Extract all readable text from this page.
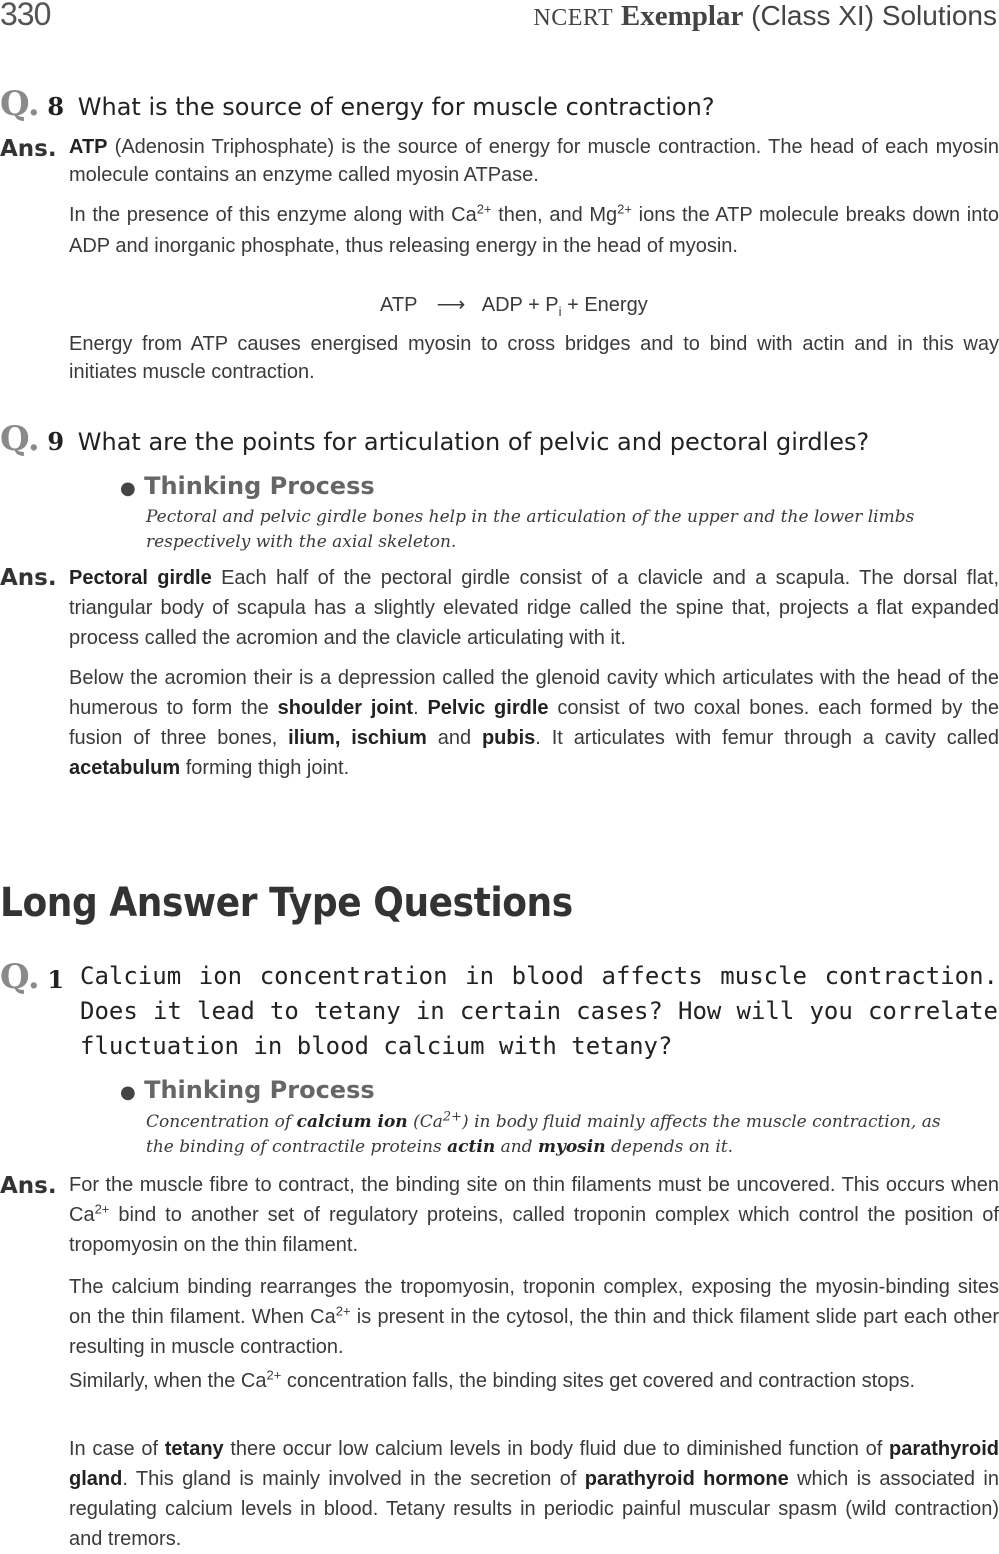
330	NCERT Exemplar (Class XI) Solutions
Q. 8 What is the source of energy for muscle contraction?
Ans. ATP (Adenosin Triphosphate) is the source of energy for muscle contraction. The head of each myosin molecule contains an enzyme called myosin ATPase.
In the presence of this enzyme along with $Ca^{2+}$ then, and $Mg^{2+}$ ions the ATP molecule breaks down into ADP and inorganic phosphate, thus releasing energy in the head of myosin.
ATP ⟶ ADP + $P_i$ + Energy
Energy from ATP causes energised myosin to cross bridges and to bind with actin and in this way initiates muscle contraction.
Q. 9 What are the points for articulation of pelvic and pectoral girdles?
● Thinking Process
Pectoral and pelvic girdle bones help in the articulation of the upper and the lower limbs respectively with the axial skeleton.
Ans. Pectoral girdle Each half of the pectoral girdle consist of a clavicle and a scapula. The dorsal flat, triangular body of scapula has a slightly elevated ridge called the spine that, projects a flat expanded process called the acromion and the clavicle articulating with it.
Below the acromion their is a depression called the glenoid cavity which articulates with the head of the humerous to form the shoulder joint. Pelvic girdle consist of two coxal bones. each formed by the fusion of three bones, ilium, ischium and pubis. It articulates with femur through a cavity called acetabulum forming thigh joint.
Long Answer Type Questions
Q. 1 Calcium ion concentration in blood affects muscle contraction. Does it lead to tetany in certain cases? How will you correlate fluctuation in blood calcium with tetany?
● Thinking Process
Concentration of calcium ion $(Ca^{2+})$ in body fluid mainly affects the muscle contraction, as the binding of contractile proteins actin and myosin depends on it.
Ans. For the muscle fibre to contract, the binding site on thin filaments must be uncovered. This occurs when $Ca^{2+}$ bind to another set of regulatory proteins, called troponin complex which control the position of tropomyosin on the thin filament.
The calcium binding rearranges the tropomyosin, troponin complex, exposing the myosin-binding sites on the thin filament. When $Ca^{2+}$ is present in the cytosol, the thin and thick filament slide part each other resulting in muscle contraction.
Similarly, when the $Ca^{2+}$ concentration falls, the binding sites get covered and contraction stops.
In case of tetany there occur low calcium levels in body fluid due to diminished function of parathyroid gland. This gland is mainly involved in the secretion of parathyroid hormone which is associated in regulating calcium levels in blood. Tetany results in periodic painful muscular spasm (wild contraction) and tremors.
